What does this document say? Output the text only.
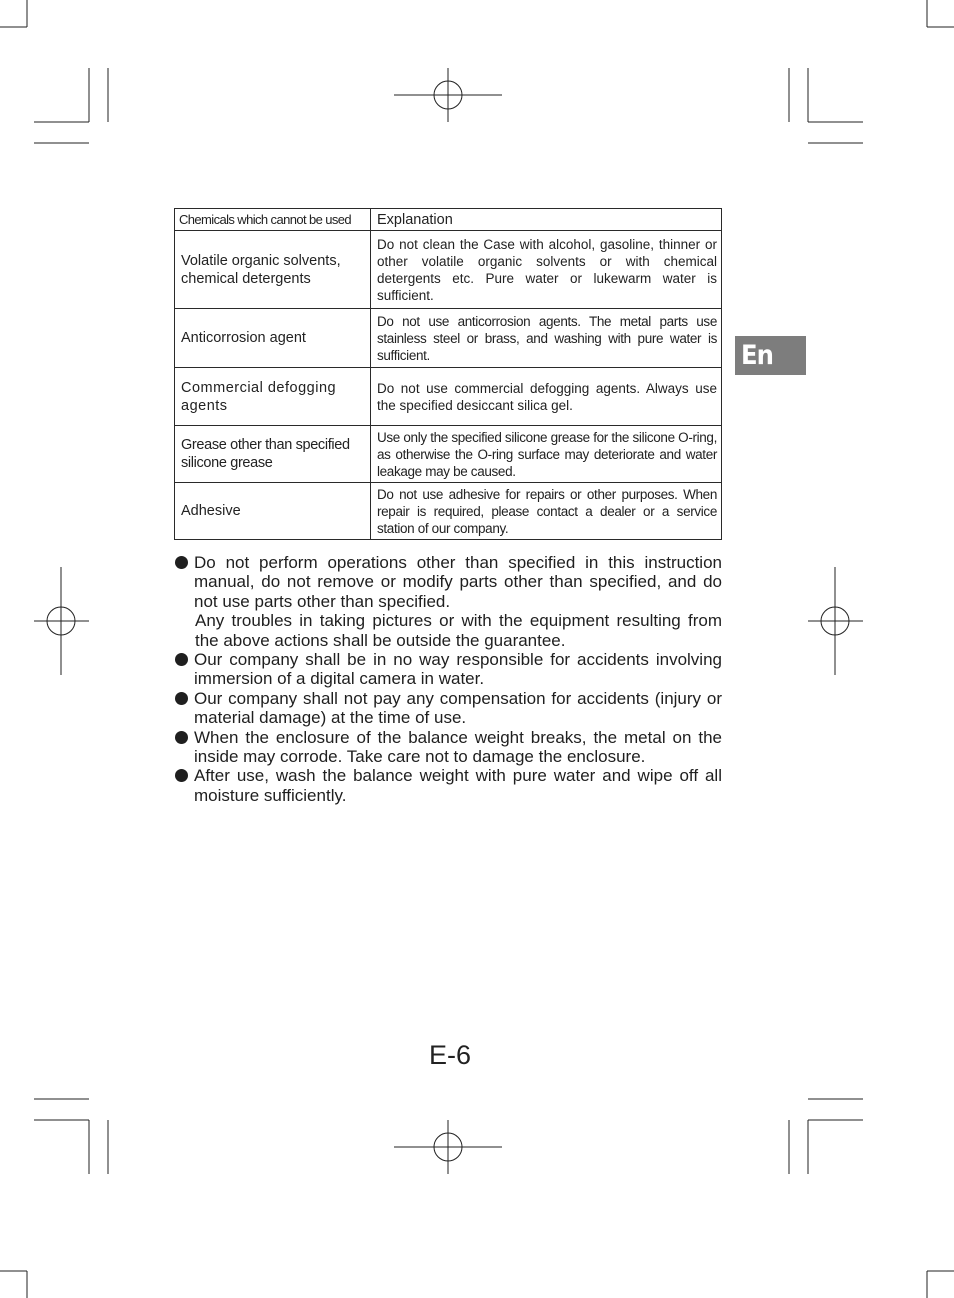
Chemicals which cannot be used	Explanation
Volatile organic solvents, chemical detergents	Do not clean the Case with alcohol, gasoline, thinner or other volatile organic solvents or with chemical detergents etc. Pure water or lukewarm water is sufficient.
Anticorrosion agent	Do not use anticorrosion agents. The metal parts use stainless steel or brass, and washing with pure water is sufficient.
Commercial defogging agents	Do not use commercial defogging agents. Always use the specified desiccant silica gel.
Grease other than specified silicone grease	Use only the specified silicone grease for the silicone O-ring, as otherwise the O-ring surface may deteriorate and water leakage may be caused.
Adhesive	Do not use adhesive for repairs or other purposes. When repair is required, please contact a dealer or a service station of our company.
En
Do not perform operations other than specified in this instruction manual, do not remove or modify parts other than specified, and do not use parts other than specified.
Any troubles in taking pictures or with the equipment resulting from the above actions shall be outside the guarantee.
Our company shall be in no way responsible for accidents involving immersion of a digital camera in water.
Our company shall not pay any compensation for accidents (injury or material damage) at the time of use.
When the enclosure of the balance weight breaks, the metal on the inside may corrode. Take care not to damage the enclosure.
After use, wash the balance weight with pure water and wipe off all moisture sufficiently.
E-6
